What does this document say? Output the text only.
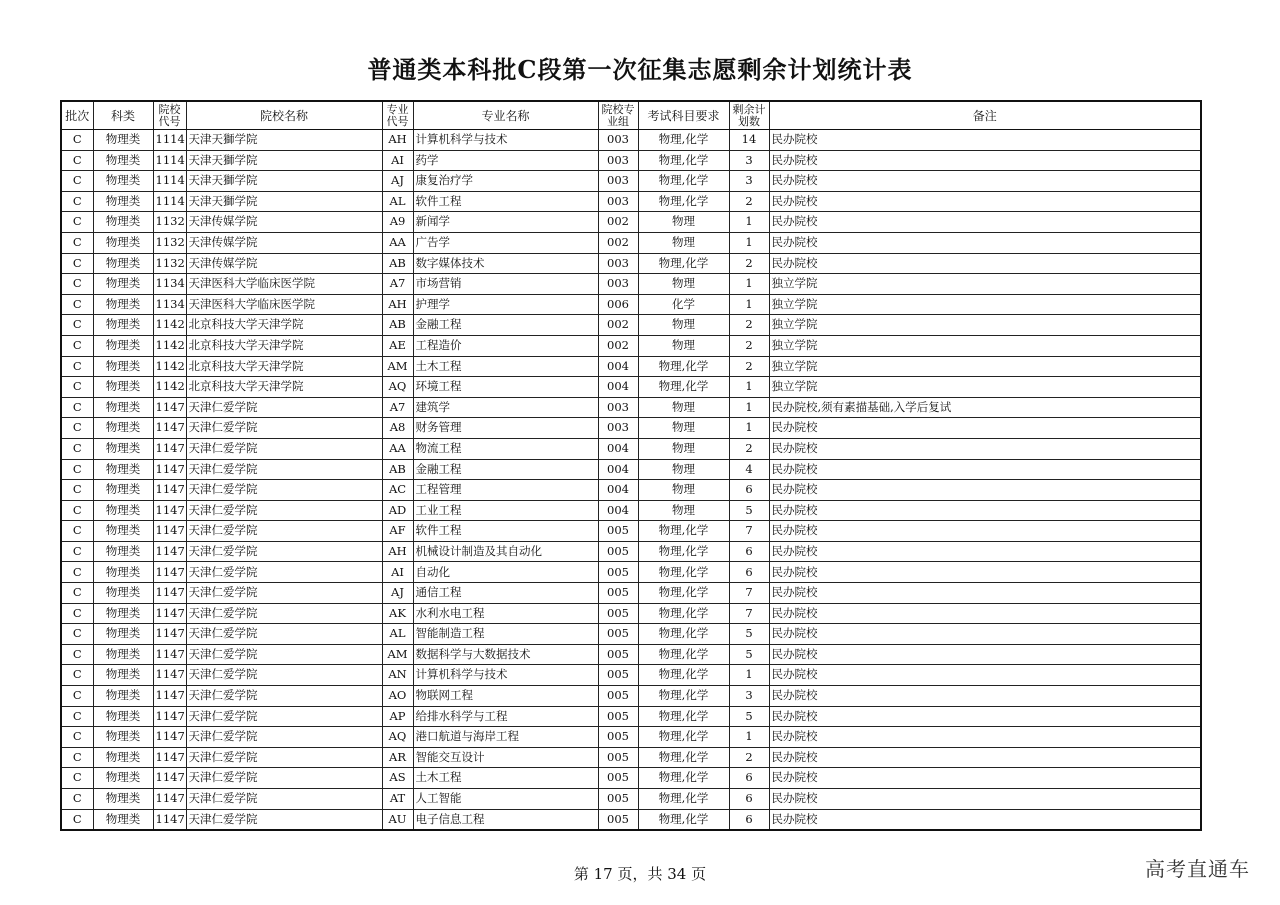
普通类本科批C段第一次征集志愿剩余计划统计表
批次	科类	院校代号	院校名称	专业代号	专业名称	院校专业组	考试科目要求	剩余计划数	备注
C	物理类	1114	天津天獅学院	AH	计算机科学与技术	003	物理,化学	14	民办院校
C	物理类	1114	天津天獅学院	AI	药学	003	物理,化学	3	民办院校
C	物理类	1114	天津天獅学院	AJ	康复治疗学	003	物理,化学	3	民办院校
C	物理类	1114	天津天獅学院	AL	软件工程	003	物理,化学	2	民办院校
C	物理类	1132	天津传媒学院	A9	新闻学	002	物理	1	民办院校
C	物理类	1132	天津传媒学院	AA	广告学	002	物理	1	民办院校
C	物理类	1132	天津传媒学院	AB	数字媒体技术	003	物理,化学	2	民办院校
C	物理类	1134	天津医科大学临床医学院	A7	市场营销	003	物理	1	独立学院
C	物理类	1134	天津医科大学临床医学院	AH	护理学	006	化学	1	独立学院
C	物理类	1142	北京科技大学天津学院	AB	金融工程	002	物理	2	独立学院
C	物理类	1142	北京科技大学天津学院	AE	工程造价	002	物理	2	独立学院
C	物理类	1142	北京科技大学天津学院	AM	土木工程	004	物理,化学	2	独立学院
C	物理类	1142	北京科技大学天津学院	AQ	环境工程	004	物理,化学	1	独立学院
C	物理类	1147	天津仁爱学院	A7	建筑学	003	物理	1	民办院校,须有素描基础,入学后复试
C	物理类	1147	天津仁爱学院	A8	财务管理	003	物理	1	民办院校
C	物理类	1147	天津仁爱学院	AA	物流工程	004	物理	2	民办院校
C	物理类	1147	天津仁爱学院	AB	金融工程	004	物理	4	民办院校
C	物理类	1147	天津仁爱学院	AC	工程管理	004	物理	6	民办院校
C	物理类	1147	天津仁爱学院	AD	工业工程	004	物理	5	民办院校
C	物理类	1147	天津仁爱学院	AF	软件工程	005	物理,化学	7	民办院校
C	物理类	1147	天津仁爱学院	AH	机械设计制造及其自动化	005	物理,化学	6	民办院校
C	物理类	1147	天津仁爱学院	AI	自动化	005	物理,化学	6	民办院校
C	物理类	1147	天津仁爱学院	AJ	通信工程	005	物理,化学	7	民办院校
C	物理类	1147	天津仁爱学院	AK	水利水电工程	005	物理,化学	7	民办院校
C	物理类	1147	天津仁爱学院	AL	智能制造工程	005	物理,化学	5	民办院校
C	物理类	1147	天津仁爱学院	AM	数据科学与大数据技术	005	物理,化学	5	民办院校
C	物理类	1147	天津仁爱学院	AN	计算机科学与技术	005	物理,化学	1	民办院校
C	物理类	1147	天津仁爱学院	AO	物联网工程	005	物理,化学	3	民办院校
C	物理类	1147	天津仁爱学院	AP	给排水科学与工程	005	物理,化学	5	民办院校
C	物理类	1147	天津仁爱学院	AQ	港口航道与海岸工程	005	物理,化学	1	民办院校
C	物理类	1147	天津仁爱学院	AR	智能交互设计	005	物理,化学	2	民办院校
C	物理类	1147	天津仁爱学院	AS	土木工程	005	物理,化学	6	民办院校
C	物理类	1147	天津仁爱学院	AT	人工智能	005	物理,化学	6	民办院校
C	物理类	1147	天津仁爱学院	AU	电子信息工程	005	物理,化学	6	民办院校
第 17 页，共 34 页	高考直通车
